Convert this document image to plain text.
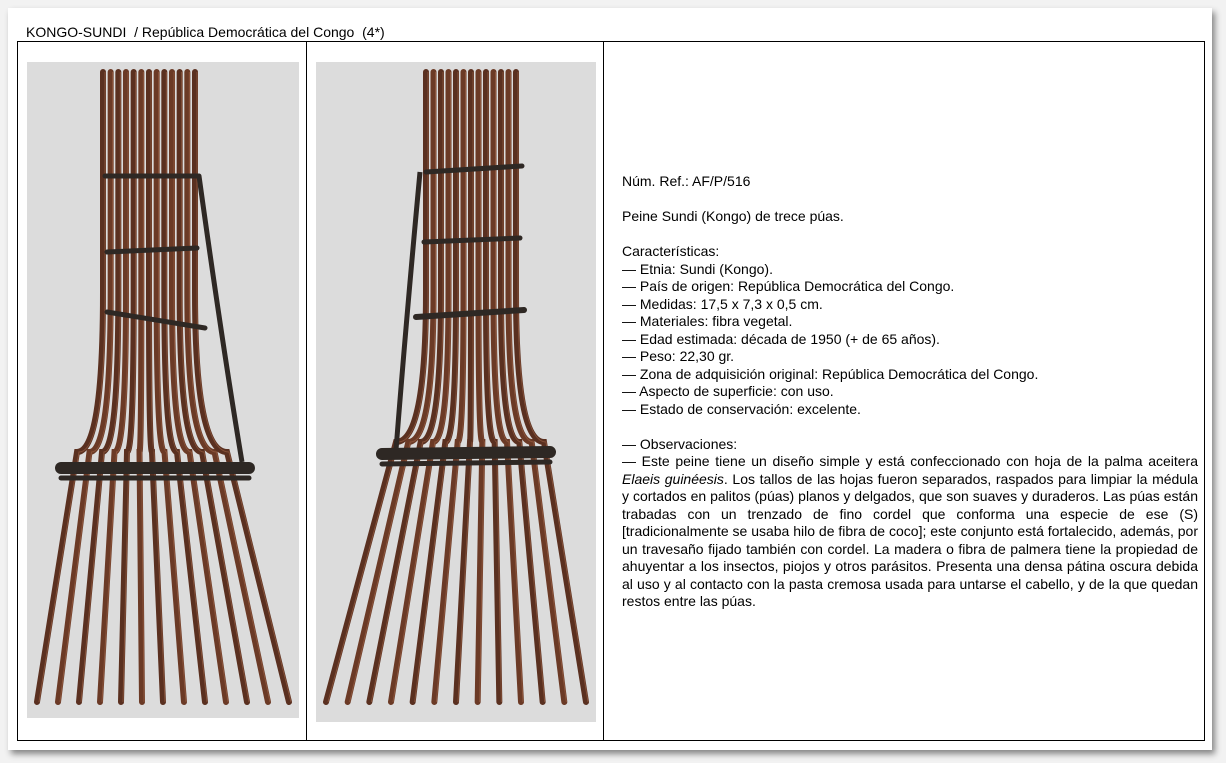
KONGO-SUNDI  / República Democrática del Congo  (4*)

Núm. Ref.: AF/P/516

Peine Sundi (Kongo) de trece púas.

Características:

— Etnia: Sundi (Kongo).

— País de origen: República Democrática del Congo.

— Medidas: 17,5 x 7,3 x 0,5 cm.

— Materiales: fibra vegetal.

— Edad estimada: década de 1950 (+ de 65 años).

— Peso: 22,30 gr.

— Zona de adquisición original: República Democrática del Congo.

— Aspecto de superficie: con uso.

— Estado de conservación: excelente.

— Observaciones:

— Este peine tiene un diseño simple y está confeccionado con hoja de la palma aceitera Elaeis guinéesis. Los tallos de las hojas fueron separados, raspados para limpiar la médula y cortados en palitos (púas) planos y delgados, que son suaves y duraderos. Las púas están trabadas con un trenzado de fino cordel que conforma una especie de ese (S) [tradicionalmente se usaba hilo de fibra de coco]; este conjunto está fortalecido, además, por un travesaño fijado también con cordel. La madera o fibra de palmera tiene la propiedad de ahuyentar a los insectos, piojos y otros parásitos. Presenta una densa pátina oscura debida al uso y al contacto con la pasta cremosa usada para untarse el cabello, y de la que quedan restos entre las púas.
